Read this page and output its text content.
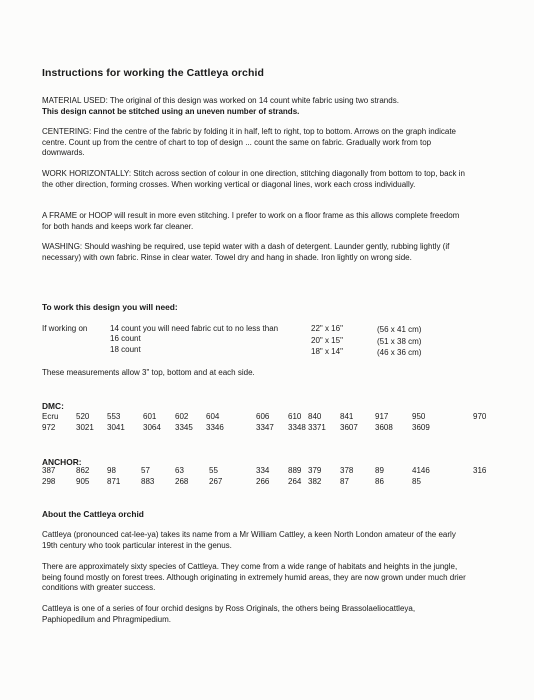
Instructions for working the Cattleya orchid
MATERIAL USED: The original of this design was worked on 14 count white fabric using two strands.
This design cannot be stitched using an uneven number of strands.
CENTERING: Find the centre of the fabric by folding it in half, left to right, top to bottom. Arrows on the graph indicate centre. Count up from the centre of chart to top of design ... count the same on fabric. Gradually work from top downwards.
WORK HORIZONTALLY: Stitch across section of colour in one direction, stitching diagonally from bottom to top, back in the other direction, forming crosses. When working vertical or diagonal lines, work each cross individually.
A FRAME or HOOP will result in more even stitching. I prefer to work on a floor frame as this allows complete freedom for both hands and keeps work far cleaner.
WASHING: Should washing be required, use tepid water with a dash of detergent. Launder gently, rubbing lightly (if necessary) with own fabric. Rinse in clear water. Towel dry and hang in shade. Iron lightly on wrong side.
To work this design you will need:
If working on	14 count you will need fabric cut to no less than	22" x 16"	(56 x 41 cm)
16 count	20" x 15"	(51 x 38 cm)
18 count	18" x 14"	(46 x 36 cm)
These measurements allow 3" top, bottom and at each side.
DMC:
Ecru 520 553	601 602 604	606 610 840 841	917	950	970
972	3021 3041 3064 3345 3346	3347 3348 3371 3607 3608 3609
ANCHOR:
387	862 98	57	63	55	334 889 379 378	89	4146	316
298	905 871	883	268	267	266 264 382 87	86	85
About the Cattleya orchid
Cattleya (pronounced cat-lee-ya) takes its name from a Mr William Cattley, a keen North London amateur of the early 19th century who took particular interest in the genus.
There are approximately sixty species of Cattleya. They come from a wide range of habitats and heights in the jungle, being found mostly on forest trees. Although originating in extremely humid areas, they are now grown under much drier conditions with greater success.
Cattleya is one of a series of four orchid designs by Ross Originals, the others being Brassolaeliocattleya, Paphiopedilum and Phragmipedium.
